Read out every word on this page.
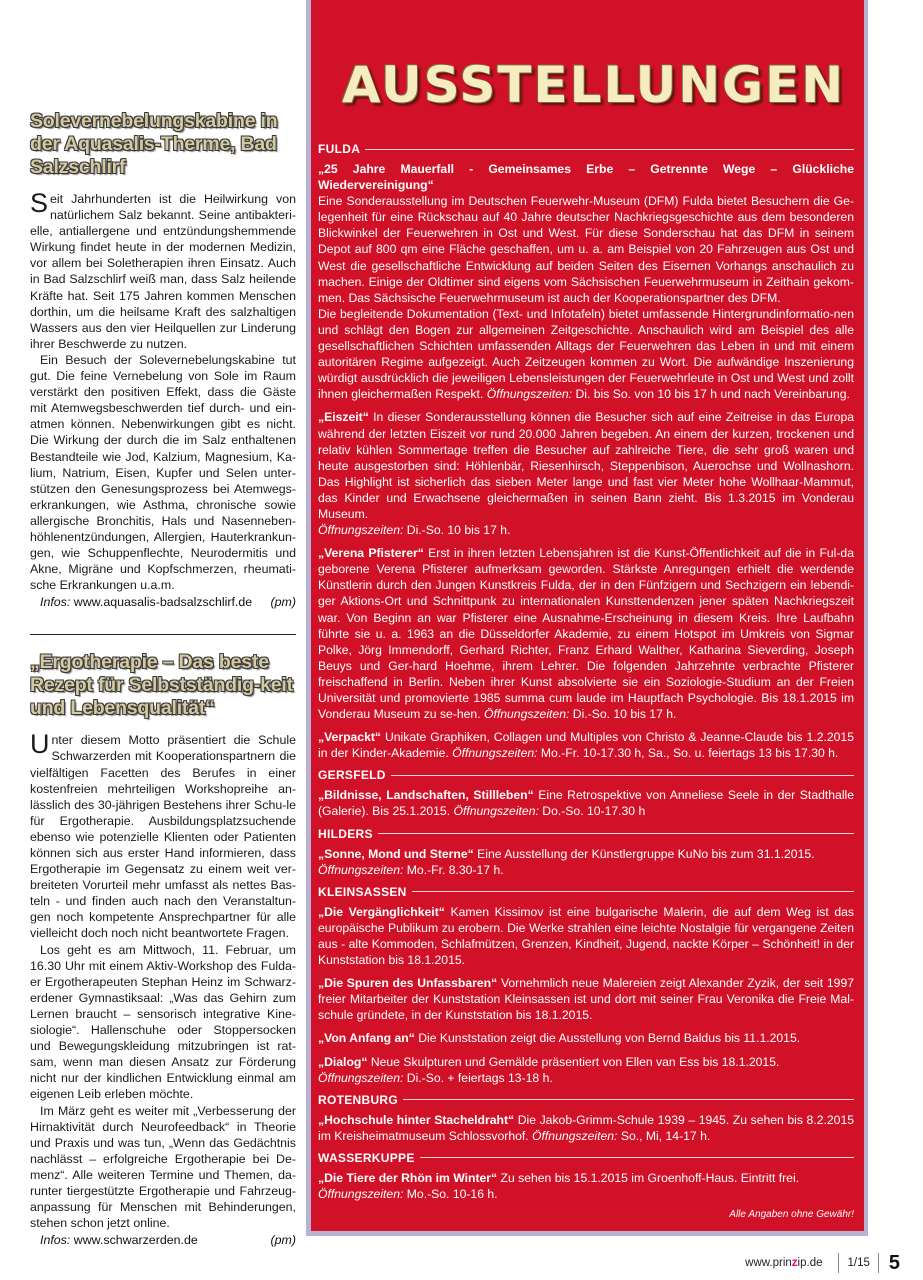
Solevernebelungskabine in der Aquasalis-Therme, Bad Salzschlirf

Seit Jahrhunderten ist die Heilwirkung von natürlichem Salz bekannt. Seine antibakteri-elle, antiallergene und entzündungshemmende Wirkung findet heute in der modernen Medizin, vor allem bei Soletherapien ihren Einsatz. Auch in Bad Salzschlirf weiß man, dass Salz heilende Kräfte hat. Seit 175 Jahren kommen Menschen dorthin, um die heilsame Kraft des salzhaltigen Wassers aus den vier Heilquellen zur Linderung ihrer Beschwerde zu nutzen.

Ein Besuch der Solevernebelungskabine tut gut. Die feine Vernebelung von Sole im Raum verstärkt den positiven Effekt, dass die Gäste mit Atemwegsbeschwerden tief durch- und ein-atmen können. Nebenwirkungen gibt es nicht. Die Wirkung der durch die im Salz enthaltenen Bestandteile wie Jod, Kalzium, Magnesium, Ka-lium, Natrium, Eisen, Kupfer und Selen unter-stützen den Genesungsprozess bei Atemwegs-erkrankungen, wie Asthma, chronische sowie allergische Bronchitis, Hals und Nasenneben-höhlenentzündungen, Allergien, Hauterkrankun-gen, wie Schuppenflechte, Neurodermitis und Akne, Migräne und Kopfschmerzen, rheumati-sche Erkrankungen u.a.m.

Infos: www.aquasalis-badsalzschlirf.de (pm)
„Ergotherapie – Das beste Rezept für Selbstständig-keit und Lebensqualität“

Unter diesem Motto präsentiert die Schule Schwarzerden mit Kooperationspartnern die vielfältigen Facetten des Berufes in einer kostenfreien mehrteiligen Workshopreihe an-lässlich des 30-jährigen Bestehens ihrer Schu-le für Ergotherapie. Ausbildungsplatzsuchende ebenso wie potenzielle Klienten oder Patienten können sich aus erster Hand informieren, dass Ergotherapie im Gegensatz zu einem weit ver-breiteten Vorurteil mehr umfasst als nettes Bas-teln - und finden auch nach den Veranstaltun-gen noch kompetente Ansprechpartner für alle vielleicht doch noch nicht beantwortete Fragen.

Los geht es am Mittwoch, 11. Februar, um 16.30 Uhr mit einem Aktiv-Workshop des Fulda-er Ergotherapeuten Stephan Heinz im Schwarz-erdener Gymnastiksaal: „Was das Gehirn zum Lernen braucht – sensorisch integrative Kine-siologie“. Hallenschuhe oder Stoppersocken und Bewegungskleidung mitzubringen ist rat-sam, wenn man diesen Ansatz zur Förderung nicht nur der kindlichen Entwicklung einmal am eigenen Leib erleben möchte.

Im März geht es weiter mit „Verbesserung der Hirnaktivität durch Neurofeedback“ in Theorie und Praxis und was tun, „Wenn das Gedächtnis nachlässt – erfolgreiche Ergotherapie bei De-menz“. Alle weiteren Termine und Themen, da-runter tiergestützte Ergotherapie und Fahrzeug-anpassung für Menschen mit Behinderungen, stehen schon jetzt online.

Infos: www.schwarzerden.de	(pm)
AUSSTELLUNGEN
FULDA
„25 Jahre Mauerfall - Gemeinsames Erbe – Getrennte Wege – Glückliche Wiedervereinigung“
Eine Sonderausstellung im Deutschen Feuerwehr-Museum (DFM) Fulda bietet Besuchern die Ge-legenheit für eine Rückschau auf 40 Jahre deutscher Nachkriegsgeschichte aus dem besonderen Blickwinkel der Feuerwehren in Ost und West. Für diese Sonderschau hat das DFM in seinem Depot auf 800 qm eine Fläche geschaffen, um u. a. am Beispiel von 20 Fahrzeugen aus Ost und West die gesellschaftliche Entwicklung auf beiden Seiten des Eisernen Vorhangs anschaulich zu machen. Einige der Oldtimer sind eigens vom Sächsischen Feuerwehrmuseum in Zeithain gekom-men. Das Sächsische Feuerwehrmuseum ist auch der Kooperationspartner des DFM.
Die begleitende Dokumentation (Text- und Infotafeln) bietet umfassende Hintergrundinformatio-nen und schlägt den Bogen zur allgemeinen Zeitgeschichte. Anschaulich wird am Beispiel des alle gesellschaftlichen Schichten umfassenden Alltags der Feuerwehren das Leben in und mit einem autoritären Regime aufgezeigt. Auch Zeitzeugen kommen zu Wort. Die aufwändige Inszenierung würdigt ausdrücklich die jeweiligen Lebensleistungen der Feuerwehrleute in Ost und West und zollt ihnen gleichermaßen Respekt. Öffnungszeiten: Di. bis So. von 10 bis 17 h und nach Vereinbarung.
„Eiszeit“ In dieser Sonderausstellung können die Besucher sich auf eine Zeitreise in das Europa während der letzten Eiszeit vor rund 20.000 Jahren begeben. An einem der kurzen, trockenen und relativ kühlen Sommertage treffen die Besucher auf zahlreiche Tiere, die sehr groß waren und heute ausgestorben sind: Höhlenbär, Riesenhirsch, Steppenbison, Auerochse und Wollnashorn. Das Highlight ist sicherlich das sieben Meter lange und fast vier Meter hohe Wollhaar-Mammut, das Kinder und Erwachsene gleichermaßen in seinen Bann zieht. Bis 1.3.2015 im Vonderau Museum.
Öffnungszeiten: Di.-So. 10 bis 17 h.
„Verena Pfisterer“ Erst in ihren letzten Lebensjahren ist die Kunst-Öffentlichkeit auf die in Ful-da geborene Verena Pfisterer aufmerksam geworden. Stärkste Anregungen erhielt die werdende Künstlerin durch den Jungen Kunstkreis Fulda, der in den Fünfzigern und Sechzigern ein lebendi-ger Aktions-Ort und Schnittpunk zu internationalen Kunsttendenzen jener späten Nachkriegszeit war. Von Beginn an war Pfisterer eine Ausnahme-Erscheinung in diesem Kreis. Ihre Laufbahn führte sie u. a. 1963 an die Düsseldorfer Akademie, zu einem Hotspot im Umkreis von Sigmar Polke, Jörg Immendorff, Gerhard Richter, Franz Erhard Walther, Katharina Sieverding, Joseph Beuys und Ger-hard Hoehme, ihrem Lehrer. Die folgenden Jahrzehnte verbrachte Pfisterer freischaffend in Berlin. Neben ihrer Kunst absolvierte sie ein Soziologie-Studium an der Freien Universität und promovierte 1985 summa cum laude im Hauptfach Psychologie. Bis 18.1.2015 im Vonderau Museum zu se-hen. Öffnungszeiten: Di.-So. 10 bis 17 h.
„Verpackt“ Unikate Graphiken, Collagen und Multiples von Christo & Jeanne-Claude bis 1.2.2015 in der Kinder-Akademie. Öffnungszeiten: Mo.-Fr. 10-17.30 h, Sa., So. u. feiertags 13 bis 17.30 h.
GERSFELD
„Bildnisse, Landschaften, Stillleben“ Eine Retrospektive von Anneliese Seele in der Stadthalle (Galerie). Bis 25.1.2015. Öffnungszeiten: Do.-So. 10-17.30 h
HILDERS
„Sonne, Mond und Sterne“ Eine Ausstellung der Künstlergruppe KuNo bis zum 31.1.2015.
Öffnungszeiten: Mo.-Fr. 8.30-17 h.
KLEINSASSEN
„Die Vergänglichkeit“ Kamen Kissimov ist eine bulgarische Malerin, die auf dem Weg ist das europäische Publikum zu erobern. Die Werke strahlen eine leichte Nostalgie für vergangene Zeiten aus - alte Kommoden, Schlafmützen, Grenzen, Kindheit, Jugend, nackte Körper – Schönheit! in der Kunststation bis 18.1.2015.
„Die Spuren des Unfassbaren“ Vornehmlich neue Malereien zeigt Alexander Zyzik, der seit 1997 freier Mitarbeiter der Kunststation Kleinsassen ist und dort mit seiner Frau Veronika die Freie Mal-schule gründete, in der Kunststation bis 18.1.2015.
„Von Anfang an“ Die Kunststation zeigt die Ausstellung von Bernd Baldus bis 11.1.2015.
„Dialog“ Neue Skulpturen und Gemälde präsentiert von Ellen van Ess bis 18.1.2015.
Öffnungszeiten: Di.-So. + feiertags 13-18 h.
ROTENBURG
„Hochschule hinter Stacheldraht“ Die Jakob-Grimm-Schule 1939 – 1945. Zu sehen bis 8.2.2015 im Kreisheimatmuseum Schlossvorhof. Öffnungszeiten: So., Mi, 14-17 h.
WASSERKUPPE
„Die Tiere der Rhön im Winter“ Zu sehen bis 15.1.2015 im Groenhoff-Haus. Eintritt frei.
Öffnungszeiten: Mo.-So. 10-16 h.
Alle Angaben ohne Gewähr!
www.prinzip.de 1/15 5
